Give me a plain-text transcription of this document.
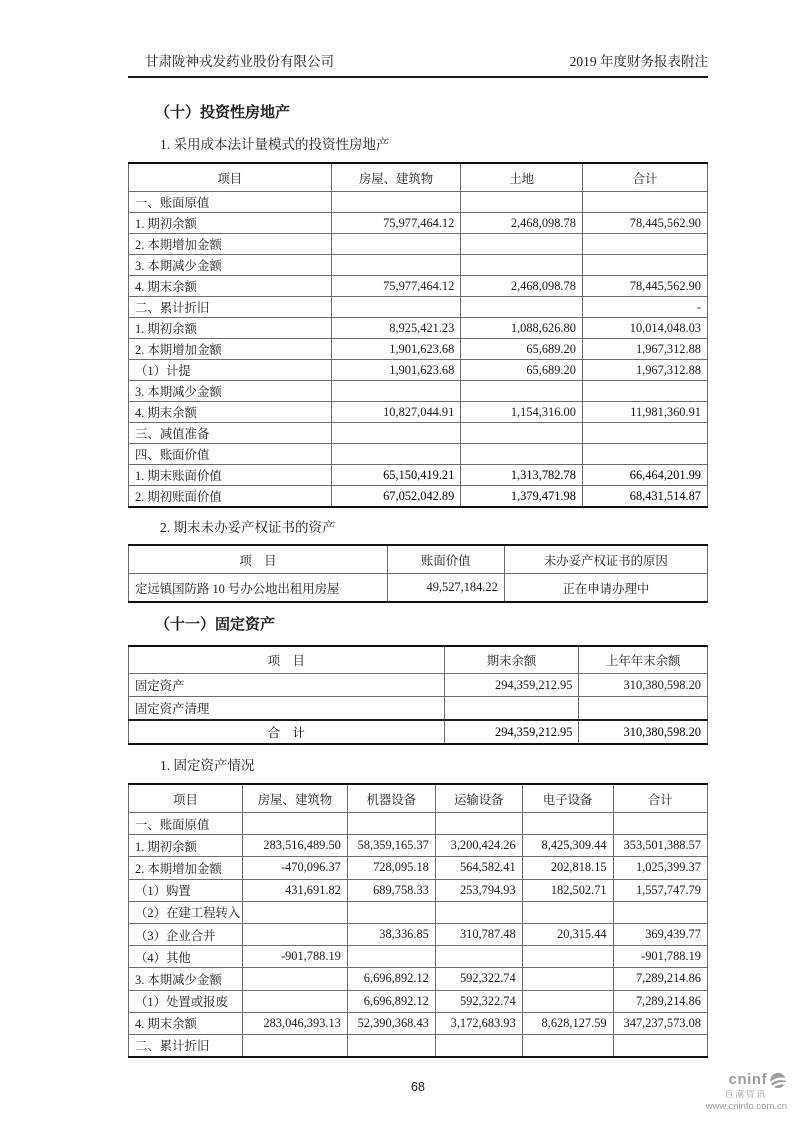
甘肃陇神戎发药业股份有限公司	2019 年度财务报表附注
（十）投资性房地产
1. 采用成本法计量模式的投资性房地产
项目	房屋、建筑物	土地	合计
一、账面原值			
1. 期初余额	75,977,464.12	2,468,098.78	78,445,562.90
2. 本期增加金额			
3. 本期减少金额			
4. 期末余额	75,977,464.12	2,468,098.78	78,445,562.90
二、累计折旧			-
1. 期初余额	8,925,421.23	1,088,626.80	10,014,048.03
2. 本期增加金额	1,901,623.68	65,689.20	1,967,312.88
（1）计提	1,901,623.68	65,689.20	1,967,312.88
3. 本期减少金额			
4. 期末余额	10,827,044.91	1,154,316.00	11,981,360.91
三、减值准备			
四、账面价值			
1. 期末账面价值	65,150,419.21	1,313,782.78	66,464,201.99
2. 期初账面价值	67,052,042.89	1,379,471.98	68,431,514.87
2. 期末未办妥产权证书的资产
项　目	账面价值	未办妥产权证书的原因
定远镇国防路 10 号办公地出租用房屋	49,527,184.22	正在申请办理中
（十一）固定资产
项　目	期末余额	上年年末余额
固定资产	294,359,212.95	310,380,598.20
固定资产清理		
合　计	294,359,212.95	310,380,598.20
1. 固定资产情况
项目	房屋、建筑物	机器设备	运输设备	电子设备	合计
一、账面原值					
1. 期初余额	283,516,489.50	58,359,165.37	3,200,424.26	8,425,309.44	353,501,388.57
2. 本期增加金额	-470,096.37	728,095.18	564,582.41	202,818.15	1,025,399.37
（1）购置	431,691.82	689,758.33	253,794.93	182,502.71	1,557,747.79
（2）在建工程转入					
（3）企业合并		38,336.85	310,787.48	20,315.44	369,439.77
（4）其他	-901,788.19				-901,788.19
3. 本期减少金额		6,696,892.12	592,322.74		7,289,214.86
（1）处置或报废		6,696,892.12	592,322.74		7,289,214.86
4. 期末余额	283,046,393.13	52,390,368.43	3,172,683.93	8,628,127.59	347,237,573.08
二、累计折旧					
68	cninf
巨潮资讯
www.cninfo.com.cn
